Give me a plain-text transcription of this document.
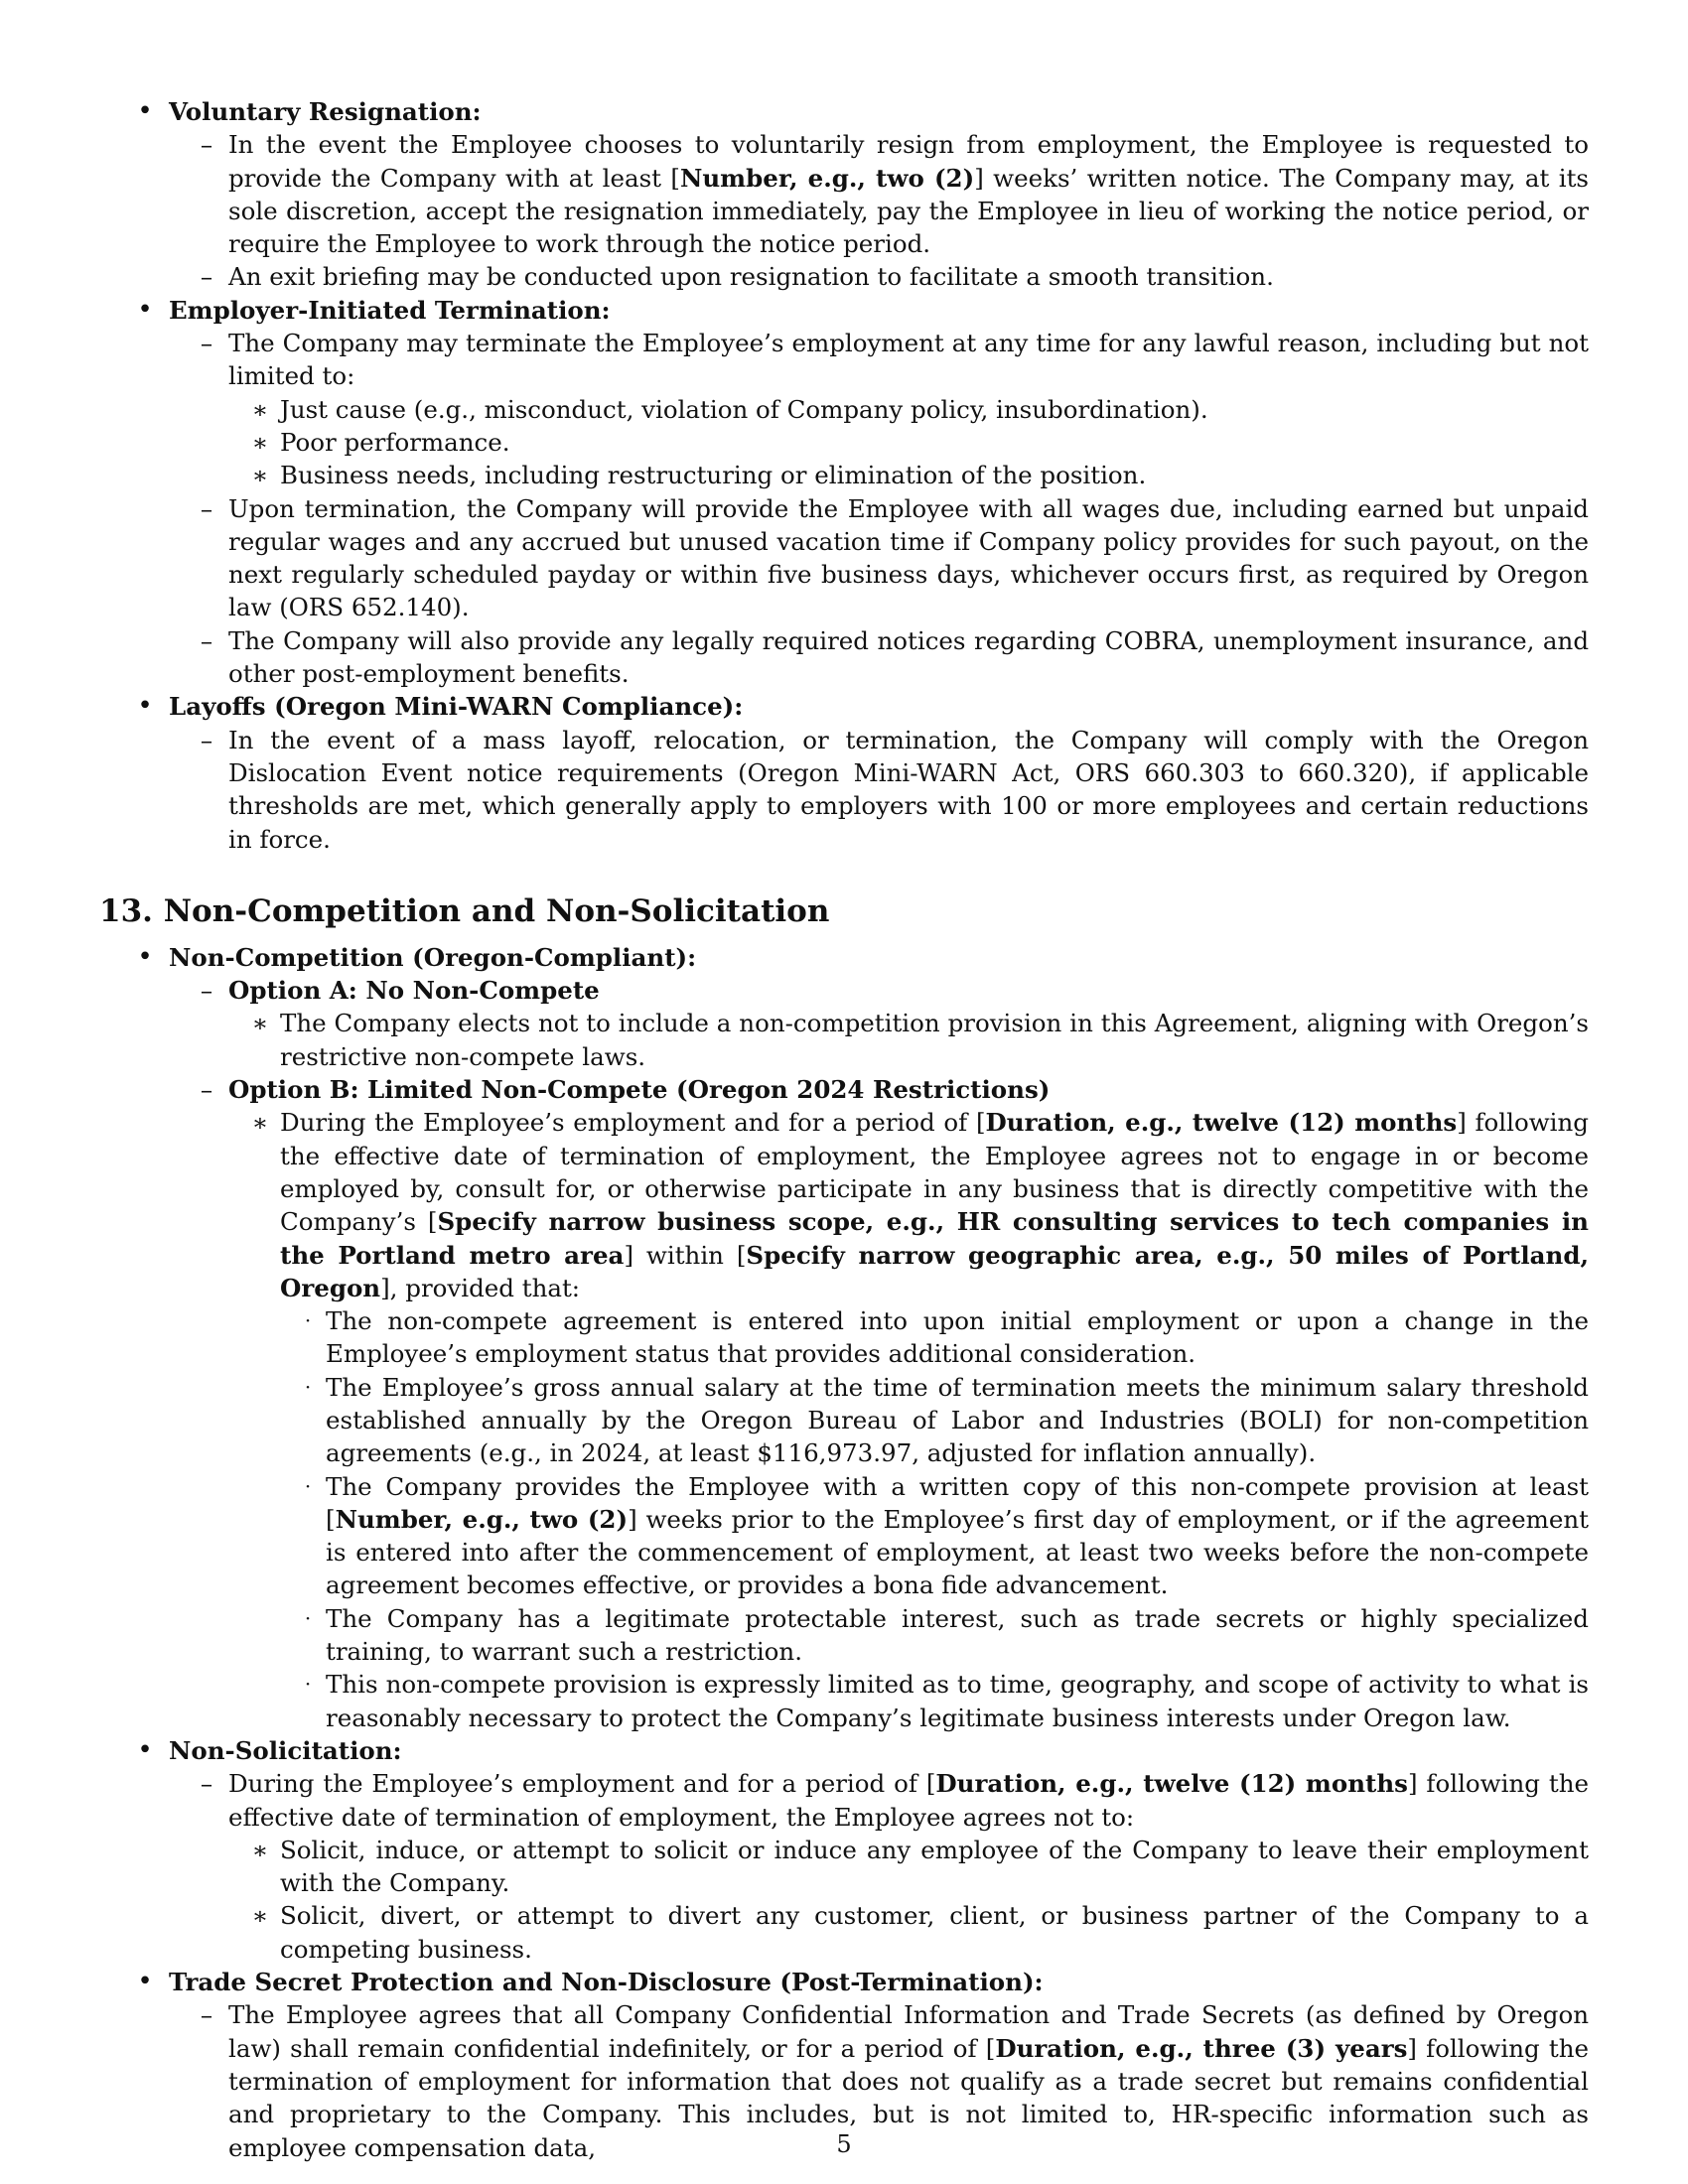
• Voluntary Resignation:
– In the event the Employee chooses to voluntarily resign from employment, the Employee is requested to provide the Company with at least [Number, e.g., two (2)] weeks’ written notice. The Company may, at its sole discretion, accept the resignation immediately, pay the Employee in lieu of working the notice period, or require the Employee to work through the notice period.
– An exit briefing may be conducted upon resignation to facilitate a smooth transition.
• Employer-Initiated Termination:
– The Company may terminate the Employee’s employment at any time for any lawful reason, including but not limited to:
∗ Just cause (e.g., misconduct, violation of Company policy, insubordination).
∗ Poor performance.
∗ Business needs, including restructuring or elimination of the position.
– Upon termination, the Company will provide the Employee with all wages due, including earned but unpaid regular wages and any accrued but unused vacation time if Company policy provides for such payout, on the next regularly scheduled payday or within five business days, whichever occurs first, as required by Oregon law (ORS 652.140).
– The Company will also provide any legally required notices regarding COBRA, unemployment insurance, and other post-employment benefits.
• Layoffs (Oregon Mini-WARN Compliance):
– In the event of a mass layoff, relocation, or termination, the Company will comply with the Oregon Dislocation Event notice requirements (Oregon Mini-WARN Act, ORS 660.303 to 660.320), if applicable thresholds are met, which generally apply to employers with 100 or more employees and certain reductions in force.
13. Non-Competition and Non-Solicitation
• Non-Competition (Oregon-Compliant):
– Option A: No Non-Compete
∗ The Company elects not to include a non-competition provision in this Agreement, aligning with Oregon’s restrictive non-compete laws.
– Option B: Limited Non-Compete (Oregon 2024 Restrictions)
∗ During the Employee’s employment and for a period of [Duration, e.g., twelve (12) months] following the effective date of termination of employment, the Employee agrees not to engage in or become employed by, consult for, or otherwise participate in any business that is directly competitive with the Company’s [Specify narrow business scope, e.g., HR consulting services to tech companies in the Portland metro area] within [Specify narrow geographic area, e.g., 50 miles of Portland, Oregon], provided that:
· The non-compete agreement is entered into upon initial employment or upon a change in the Employee’s employment status that provides additional consideration.
· The Employee’s gross annual salary at the time of termination meets the minimum salary threshold established annually by the Oregon Bureau of Labor and Industries (BOLI) for non-competition agreements (e.g., in 2024, at least $116,973.97, adjusted for inflation annually).
· The Company provides the Employee with a written copy of this non-compete provision at least [Number, e.g., two (2)] weeks prior to the Employee’s first day of employment, or if the agreement is entered into after the commencement of employment, at least two weeks before the non-compete agreement becomes effective, or provides a bona fide advancement.
· The Company has a legitimate protectable interest, such as trade secrets or highly specialized training, to warrant such a restriction.
· This non-compete provision is expressly limited as to time, geography, and scope of activity to what is reasonably necessary to protect the Company’s legitimate business interests under Oregon law.
• Non-Solicitation:
– During the Employee’s employment and for a period of [Duration, e.g., twelve (12) months] following the effective date of termination of employment, the Employee agrees not to:
∗ Solicit, induce, or attempt to solicit or induce any employee of the Company to leave their employment with the Company.
∗ Solicit, divert, or attempt to divert any customer, client, or business partner of the Company to a competing business.
• Trade Secret Protection and Non-Disclosure (Post-Termination):
– The Employee agrees that all Company Confidential Information and Trade Secrets (as defined by Oregon law) shall remain confidential indefinitely, or for a period of [Duration, e.g., three (3) years] following the termination of employment for information that does not qualify as a trade secret but remains confidential and proprietary to the Company. This includes, but is not limited to, HR-specific information such as employee compensation data,	5
